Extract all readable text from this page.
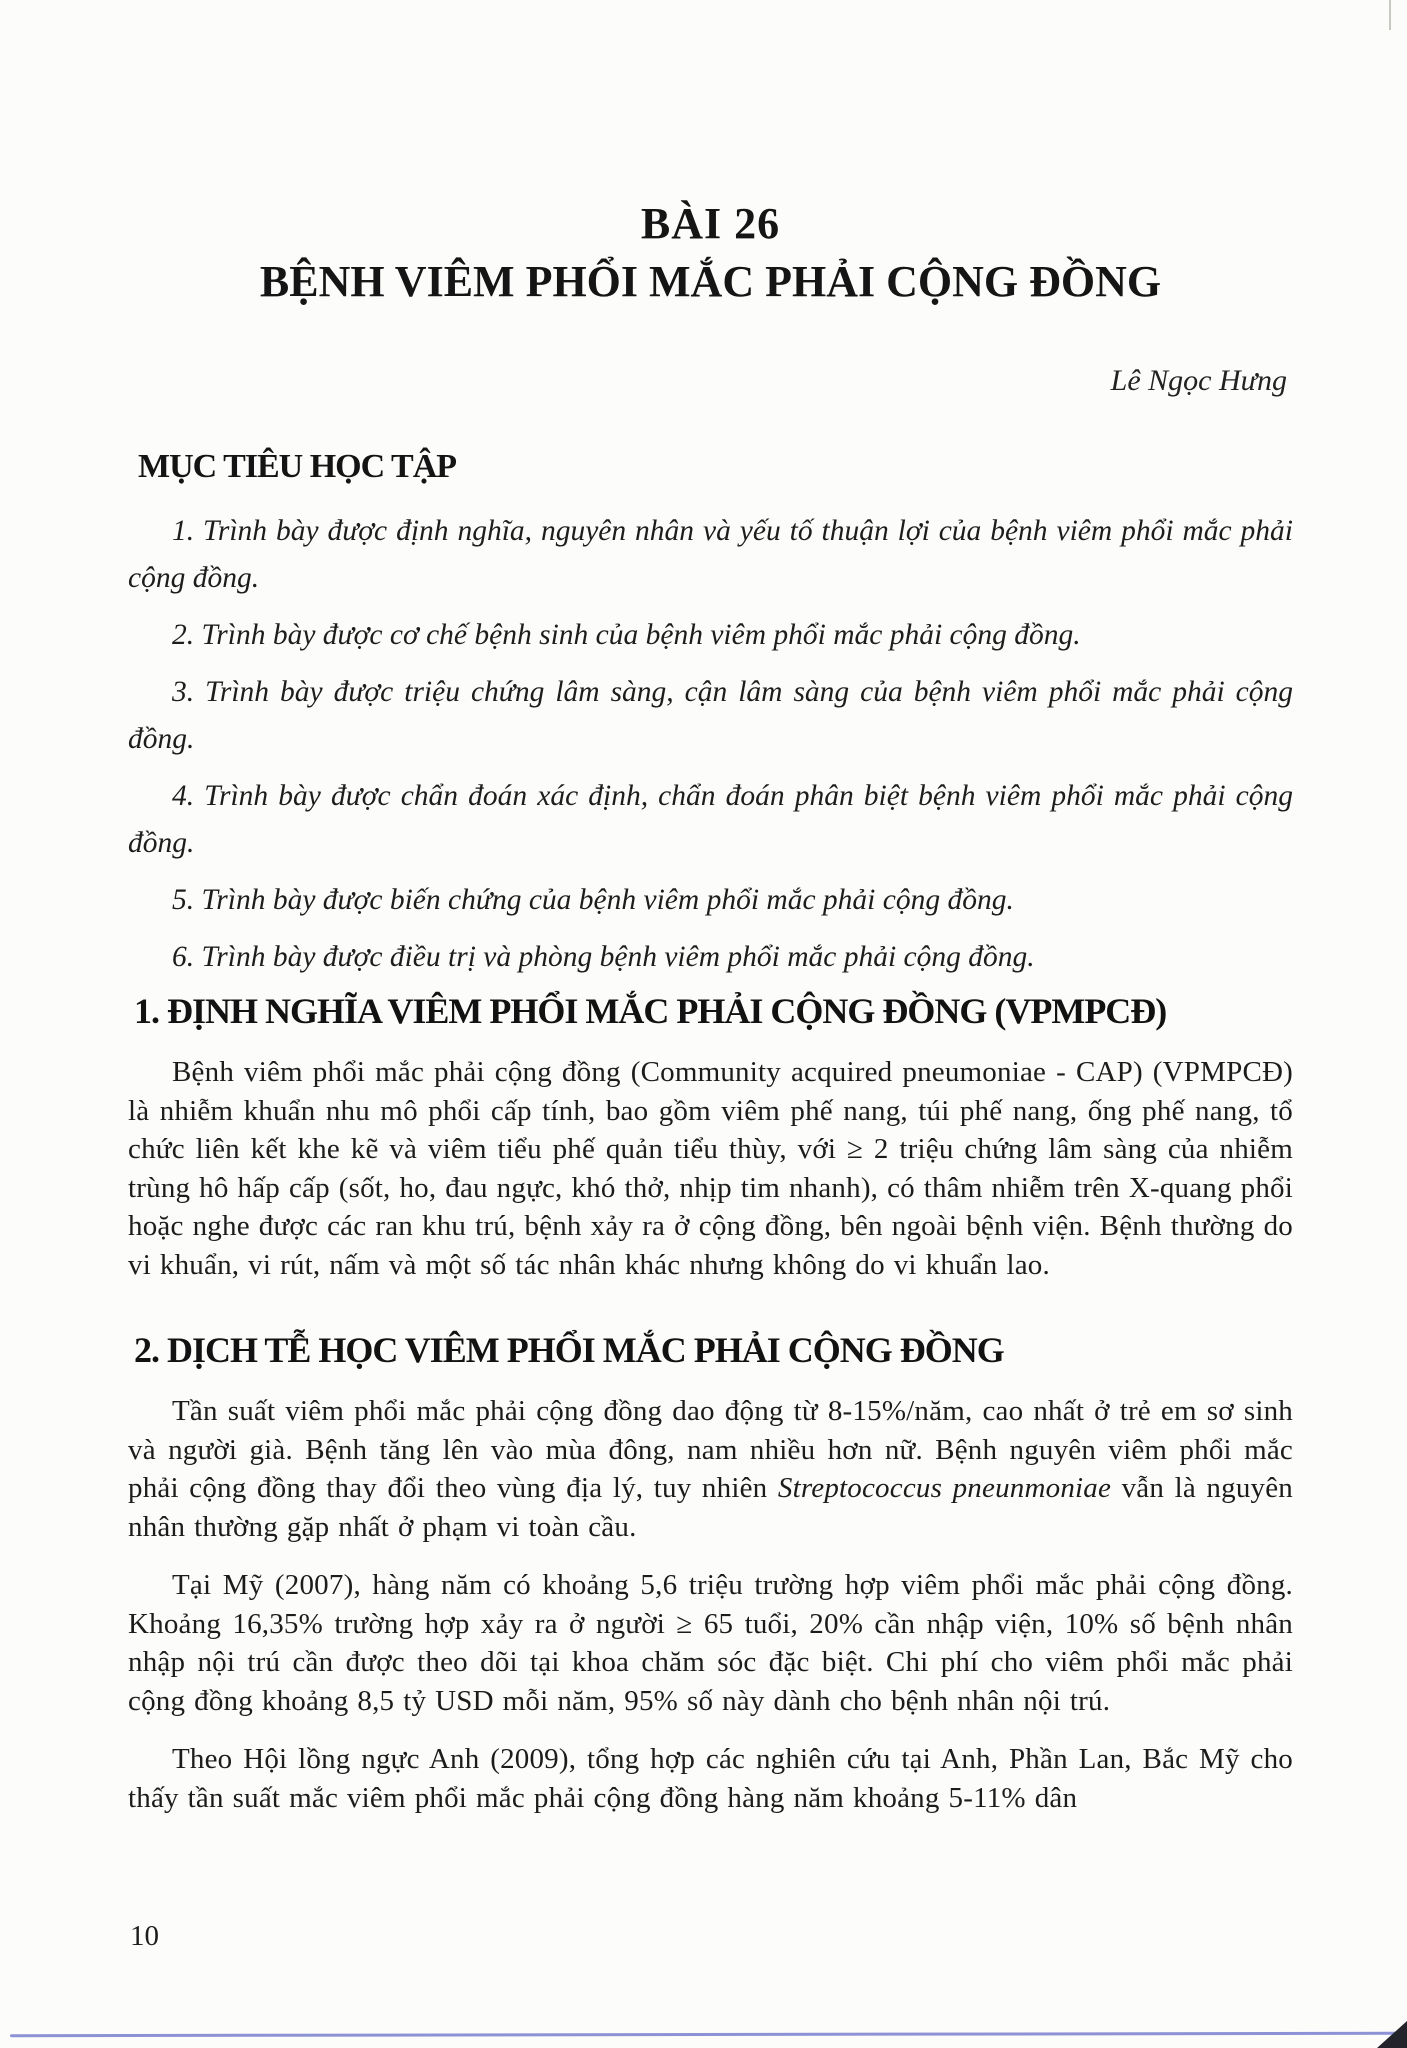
BÀI 26
BỆNH VIÊM PHỔI MẮC PHẢI CỘNG ĐỒNG
Lê Ngọc Hưng
MỤC TIÊU HỌC TẬP

1. Trình bày được định nghĩa, nguyên nhân và yếu tố thuận lợi của bệnh viêm phổi mắc phải cộng đồng.

2. Trình bày được cơ chế bệnh sinh của bệnh viêm phổi mắc phải cộng đồng.

3. Trình bày được triệu chứng lâm sàng, cận lâm sàng của bệnh viêm phổi mắc phải cộng đồng.

4. Trình bày được chẩn đoán xác định, chẩn đoán phân biệt bệnh viêm phổi mắc phải cộng đồng.

5. Trình bày được biến chứng của bệnh viêm phổi mắc phải cộng đồng.

6. Trình bày được điều trị và phòng bệnh viêm phổi mắc phải cộng đồng.

1. ĐỊNH NGHĨA VIÊM PHỔI MẮC PHẢI CỘNG ĐỒNG (VPMPCĐ)

Bệnh viêm phổi mắc phải cộng đồng (Community acquired pneumoniae - CAP) (VPMPCĐ) là nhiễm khuẩn nhu mô phổi cấp tính, bao gồm viêm phế nang, túi phế nang, ống phế nang, tổ chức liên kết khe kẽ và viêm tiểu phế quản tiểu thùy, với ≥ 2 triệu chứng lâm sàng của nhiễm trùng hô hấp cấp (sốt, ho, đau ngực, khó thở, nhịp tim nhanh), có thâm nhiễm trên X-quang phổi hoặc nghe được các ran khu trú, bệnh xảy ra ở cộng đồng, bên ngoài bệnh viện. Bệnh thường do vi khuẩn, vi rút, nấm và một số tác nhân khác nhưng không do vi khuẩn lao.

2. DỊCH TỄ HỌC VIÊM PHỔI MẮC PHẢI CỘNG ĐỒNG

Tần suất viêm phổi mắc phải cộng đồng dao động từ 8-15%/năm, cao nhất ở trẻ em sơ sinh và người già. Bệnh tăng lên vào mùa đông, nam nhiều hơn nữ. Bệnh nguyên viêm phổi mắc phải cộng đồng thay đổi theo vùng địa lý, tuy nhiên Streptococcus pneunmoniae vẫn là nguyên nhân thường gặp nhất ở phạm vi toàn cầu.

Tại Mỹ (2007), hàng năm có khoảng 5,6 triệu trường hợp viêm phổi mắc phải cộng đồng. Khoảng 16,35% trường hợp xảy ra ở người ≥ 65 tuổi, 20% cần nhập viện, 10% số bệnh nhân nhập nội trú cần được theo dõi tại khoa chăm sóc đặc biệt. Chi phí cho viêm phổi mắc phải cộng đồng khoảng 8,5 tỷ USD mỗi năm, 95% số này dành cho bệnh nhân nội trú.

Theo Hội lồng ngực Anh (2009), tổng hợp các nghiên cứu tại Anh, Phần Lan, Bắc Mỹ cho thấy tần suất mắc viêm phổi mắc phải cộng đồng hàng năm khoảng 5-11% dân

10
